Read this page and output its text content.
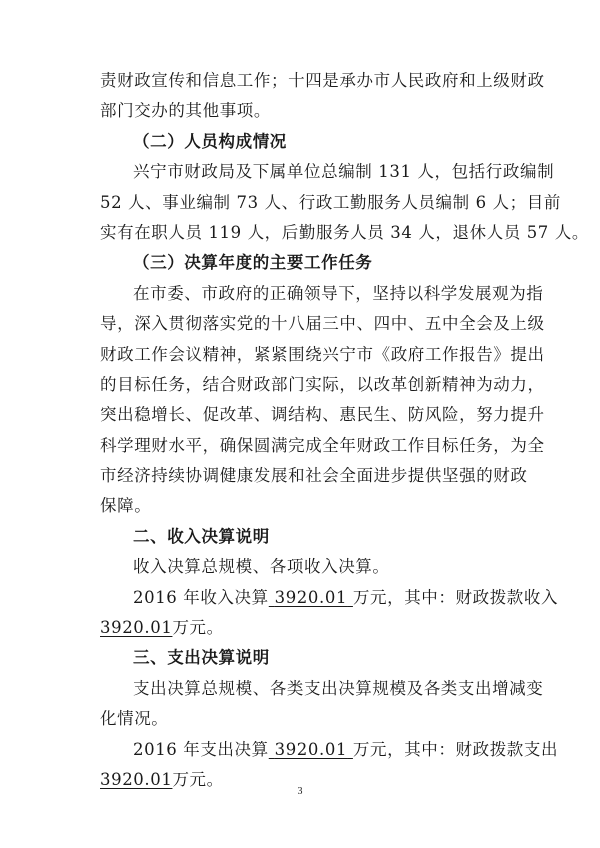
责财政宣传和信息工作；十四是承办市人民政府和上级财政
部门交办的其他事项。
（二）人员构成情况
兴宁市财政局及下属单位总编制 131 人，包括行政编制
52 人、事业编制 73 人、行政工勤服务人员编制 6 人；目前
实有在职人员 119 人，后勤服务人员 34 人，退休人员 57 人。
（三）决算年度的主要工作任务
在市委、市政府的正确领导下，坚持以科学发展观为指
导，深入贯彻落实党的十八届三中、四中、五中全会及上级
财政工作会议精神，紧紧围绕兴宁市《政府工作报告》提出
的目标任务，结合财政部门实际，以改革创新精神为动力，
突出稳增长、促改革、调结构、惠民生、防风险，努力提升
科学理财水平，确保圆满完成全年财政工作目标任务，为全
市经济持续协调健康发展和社会全面进步提供坚强的财政
保障。
二、收入决算说明
收入决算总规模、各项收入决算。
2016 年收入决算 3920.01 万元，其中：财政拨款收入
3920.01万元。
三、支出决算说明
支出决算总规模、各类支出决算规模及各类支出增减变
化情况。
2016 年支出决算 3920.01 万元，其中：财政拨款支出
3920.01万元。
3
